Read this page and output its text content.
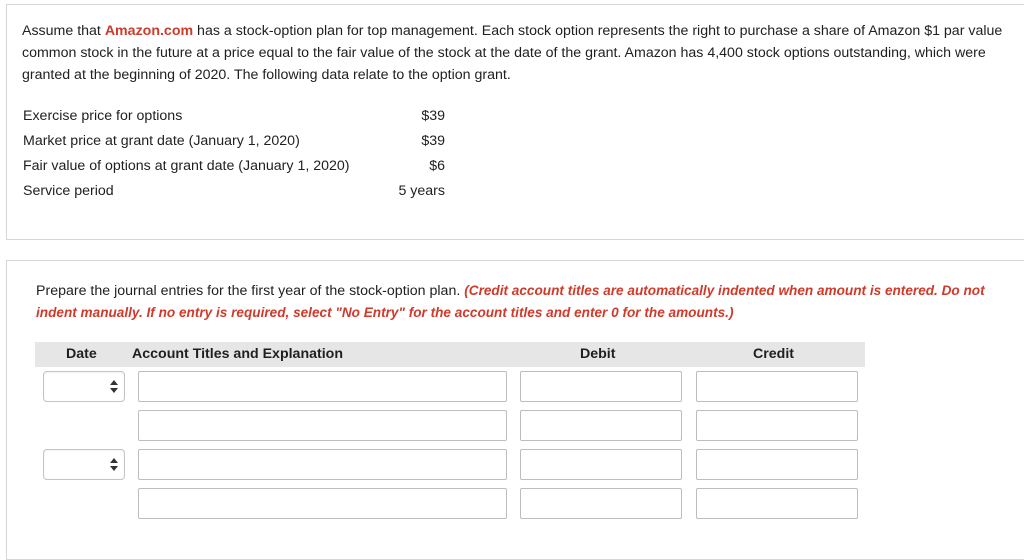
Assume that Amazon.com has a stock-option plan for top management. Each stock option represents the right to purchase a share of Amazon $1 par value common stock in the future at a price equal to the fair value of the stock at the date of the grant. Amazon has 4,400 stock options outstanding, which were granted at the beginning of 2020. The following data relate to the option grant.
Exercise price for options	$39
Market price at grant date (January 1, 2020)	$39
Fair value of options at grant date (January 1, 2020)	$6
Service period	5 years
Prepare the journal entries for the first year of the stock-option plan. (Credit account titles are automatically indented when amount is entered. Do not indent manually. If no entry is required, select "No Entry" for the account titles and enter 0 for the amounts.)
Date Account Titles and Explanation	Debit	Credit
